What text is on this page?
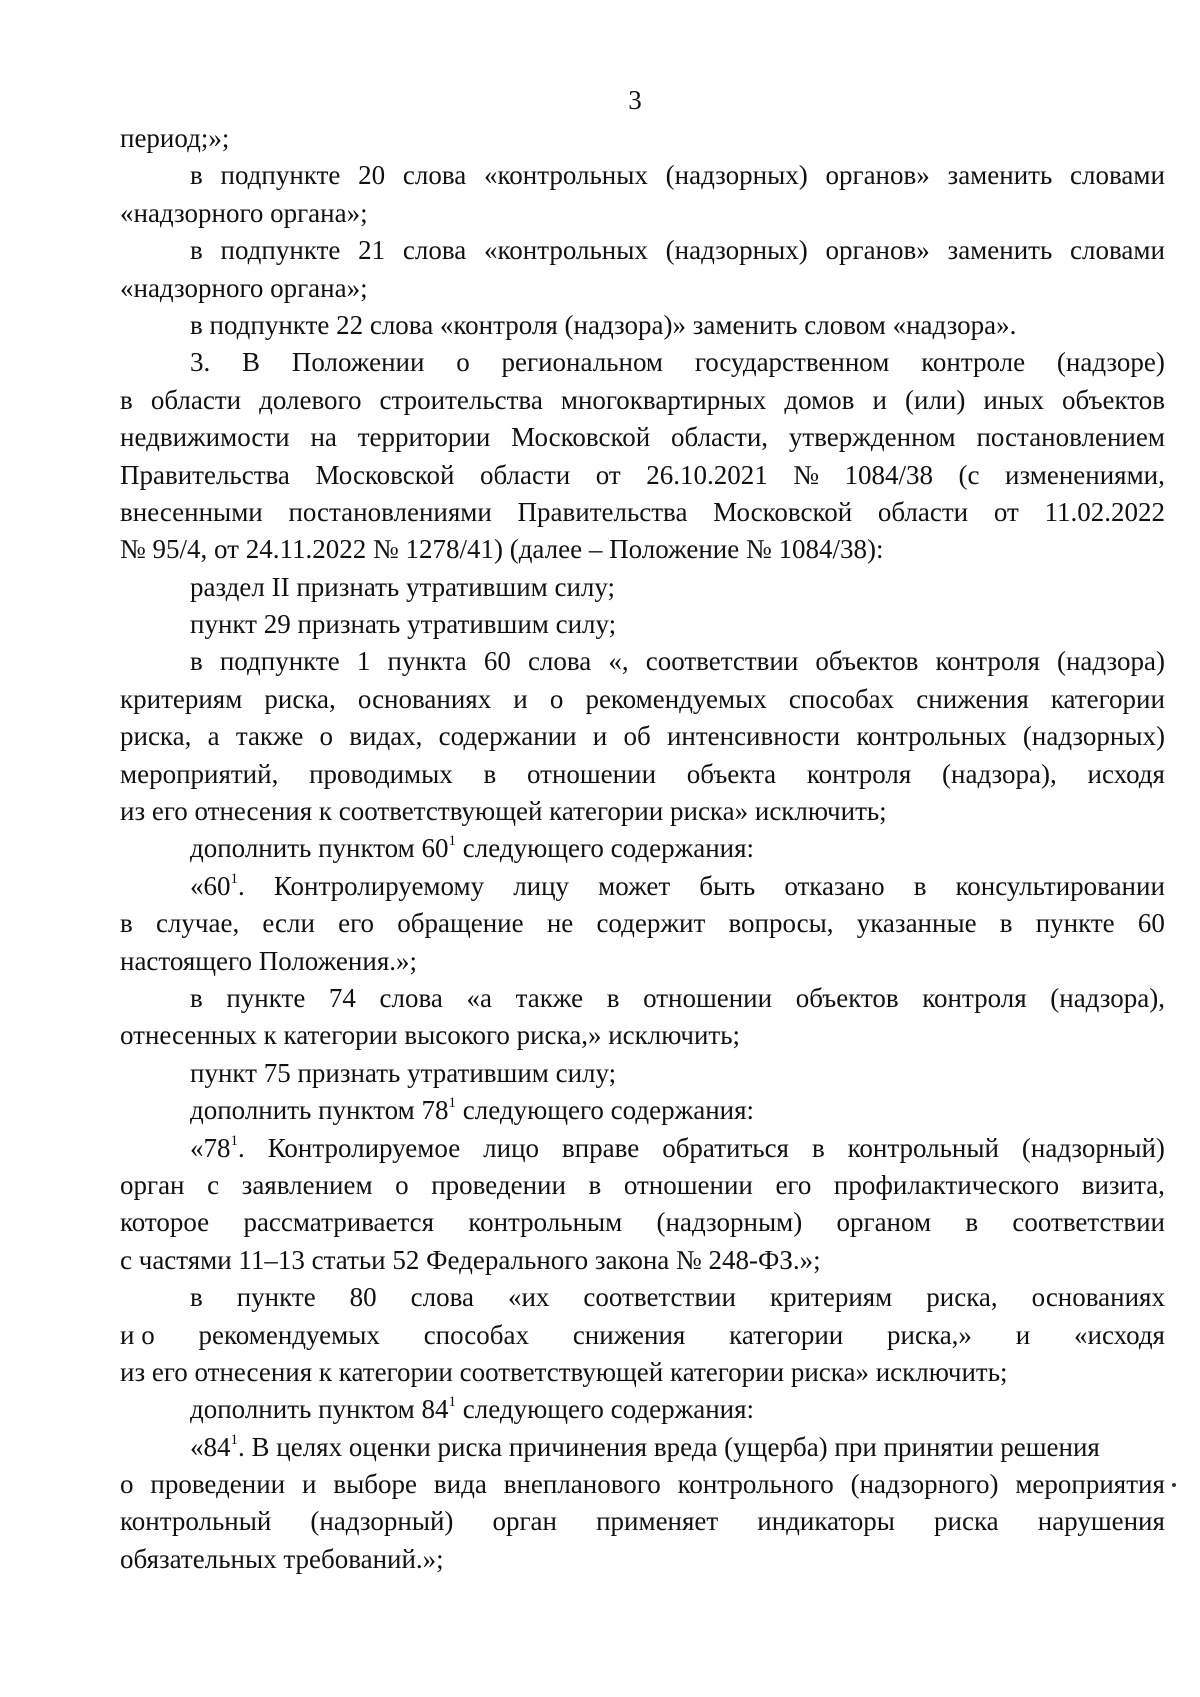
3
период;»;
в подпункте 20 слова «контрольных (надзорных) органов» заменить словами
«надзорного органа»;
в подпункте 21 слова «контрольных (надзорных) органов» заменить словами
«надзорного органа»;
в подпункте 22 слова «контроля (надзора)» заменить словом «надзора».
3. В Положении о региональном государственном контроле (надзоре)
в области долевого строительства многоквартирных домов и (или) иных объектов
недвижимости на территории Московской области, утвержденном постановлением
Правительства Московской области от 26.10.2021 № 1084/38 (с изменениями,
внесенными постановлениями Правительства Московской области от 11.02.2022
№ 95/4, от 24.11.2022 № 1278/41) (далее – Положение № 1084/38):
раздел II признать утратившим силу;
пункт 29 признать утратившим силу;
в подпункте 1 пункта 60 слова «, соответствии объектов контроля (надзора)
критериям риска, основаниях и о рекомендуемых способах снижения категории
риска, а также о видах, содержании и об интенсивности контрольных (надзорных)
мероприятий, проводимых в отношении объекта контроля (надзора), исходя
из его отнесения к соответствующей категории риска» исключить;
дополнить пунктом $60^1$ следующего содержания:
«$60^1$. Контролируемому лицу может быть отказано в консультировании
в случае, если его обращение не содержит вопросы, указанные в пункте 60
настоящего Положения.»;
в пункте 74 слова «а также в отношении объектов контроля (надзора),
отнесенных к категории высокого риска,» исключить;
пункт 75 признать утратившим силу;
дополнить пунктом $78^1$ следующего содержания:
«$78^1$. Контролируемое лицо вправе обратиться в контрольный (надзорный)
орган с заявлением о проведении в отношении его профилактического визита,
которое рассматривается контрольным (надзорным) органом в соответствии
с частями 11–13 статьи 52 Федерального закона № 248-ФЗ.»;
в пункте 80 слова «их соответствии критериям риска, основаниях
и о рекомендуемых способах снижения категории риска,» и «исходя
из его отнесения к категории соответствующей категории риска» исключить;
дополнить пунктом $84^1$ следующего содержания:
«$84^1$. В целях оценки риска причинения вреда (ущерба) при принятии решения
о проведении и выборе вида внепланового контрольного (надзорного) мероприятия
контрольный (надзорный) орган применяет индикаторы риска нарушения
обязательных требований.»;
